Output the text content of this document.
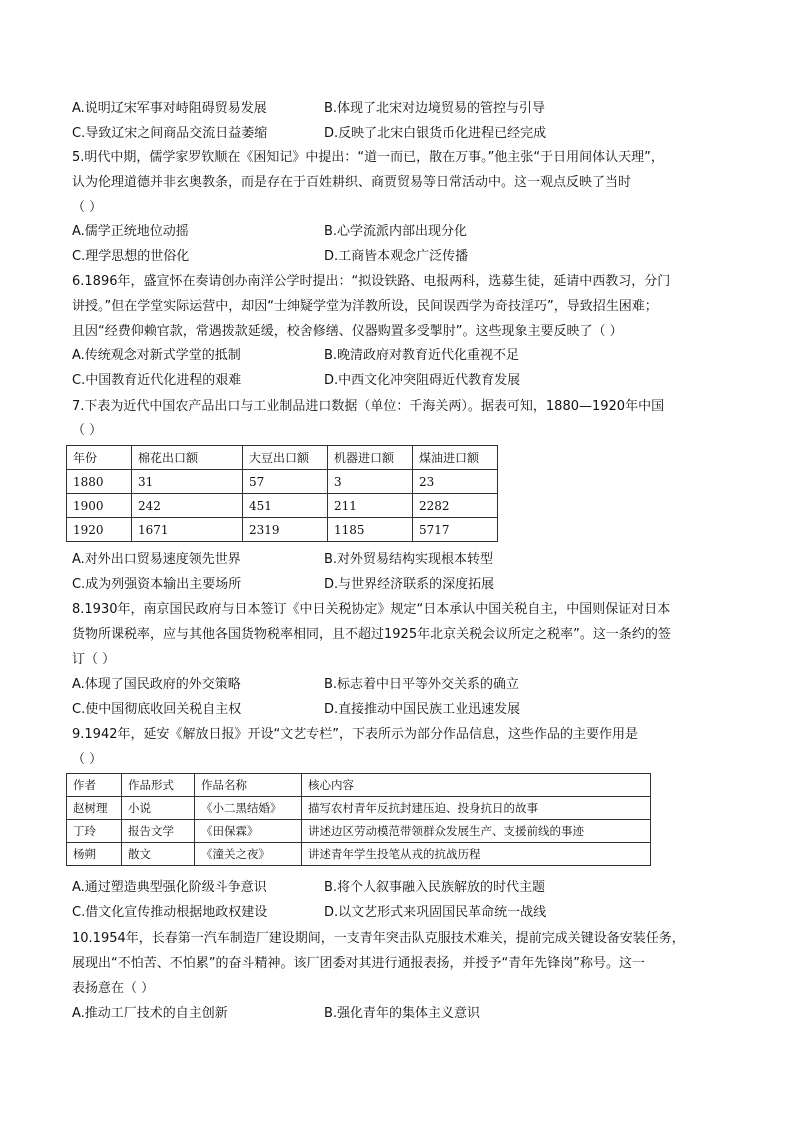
A.说明辽宋军事对峙阻碍贸易发展	B.体现了北宋对边境贸易的管控与引导
C.导致辽宋之间商品交流日益萎缩	D.反映了北宋白银货币化进程已经完成
5.明代中期，儒学家罗钦顺在《困知记》中提出：“道一而已，散在万事。”他主张“于日用间体认天理”，
认为伦理道德并非玄奥教条，而是存在于百姓耕织、商贾贸易等日常活动中。这一观点反映了当时
（ ）
A.儒学正统地位动摇	B.心学流派内部出现分化
C.理学思想的世俗化	D.工商皆本观念广泛传播
6.1896年，盛宣怀在奏请创办南洋公学时提出：“拟设铁路、电报两科，选募生徒，延请中西教习，分门
讲授。”但在学堂实际运营中，却因“士绅疑学堂为洋教所设，民间误西学为奇技淫巧”，导致招生困难；
且因“经费仰赖官款，常遇拨款延缓，校舍修缮、仪器购置多受掣肘”。这些现象主要反映了（ ）
A.传统观念对新式学堂的抵制	B.晚清政府对教育近代化重视不足
C.中国教育近代化进程的艰难	D.中西文化冲突阻碍近代教育发展
7.下表为近代中国农产品出口与工业制品进口数据（单位：千海关两）。据表可知，1880—1920年中国
（ ）
年份	棉花出口额	大豆出口额	机器进口额	煤油进口额
1880	31	57	3	23
1900	242	451	211	2282
1920	1671	2319	1185	5717
A.对外出口贸易速度领先世界	B.对外贸易结构实现根本转型
C.成为列强资本输出主要场所	D.与世界经济联系的深度拓展
8.1930年，南京国民政府与日本签订《中日关税协定》规定“日本承认中国关税自主，中国则保证对日本
货物所课税率，应与其他各国货物税率相同，且不超过1925年北京关税会议所定之税率”。这一条约的签
订（ ）
A.体现了国民政府的外交策略	B.标志着中日平等外交关系的确立
C.使中国彻底收回关税自主权	D.直接推动中国民族工业迅速发展
9.1942年，延安《解放日报》开设“文艺专栏”，下表所示为部分作品信息，这些作品的主要作用是
（ ）
作者	作品形式	作品名称	核心内容
赵树理	小说	《小二黑结婚》	描写农村青年反抗封建压迫、投身抗日的故事
丁玲	报告文学	《田保霖》	讲述边区劳动模范带领群众发展生产、支援前线的事迹
杨朔	散文	《潼关之夜》	讲述青年学生投笔从戎的抗战历程
A.通过塑造典型强化阶级斗争意识	B.将个人叙事融入民族解放的时代主题
C.借文化宣传推动根据地政权建设	D.以文艺形式来巩固国民革命统一战线
10.1954年，长春第一汽车制造厂建设期间，一支青年突击队克服技术难关，提前完成关键设备安装任务，
展现出“不怕苦、不怕累”的奋斗精神。该厂团委对其进行通报表扬，并授予“青年先锋岗”称号。这一
表扬意在（ ）
A.推动工厂技术的自主创新	B.强化青年的集体主义意识
